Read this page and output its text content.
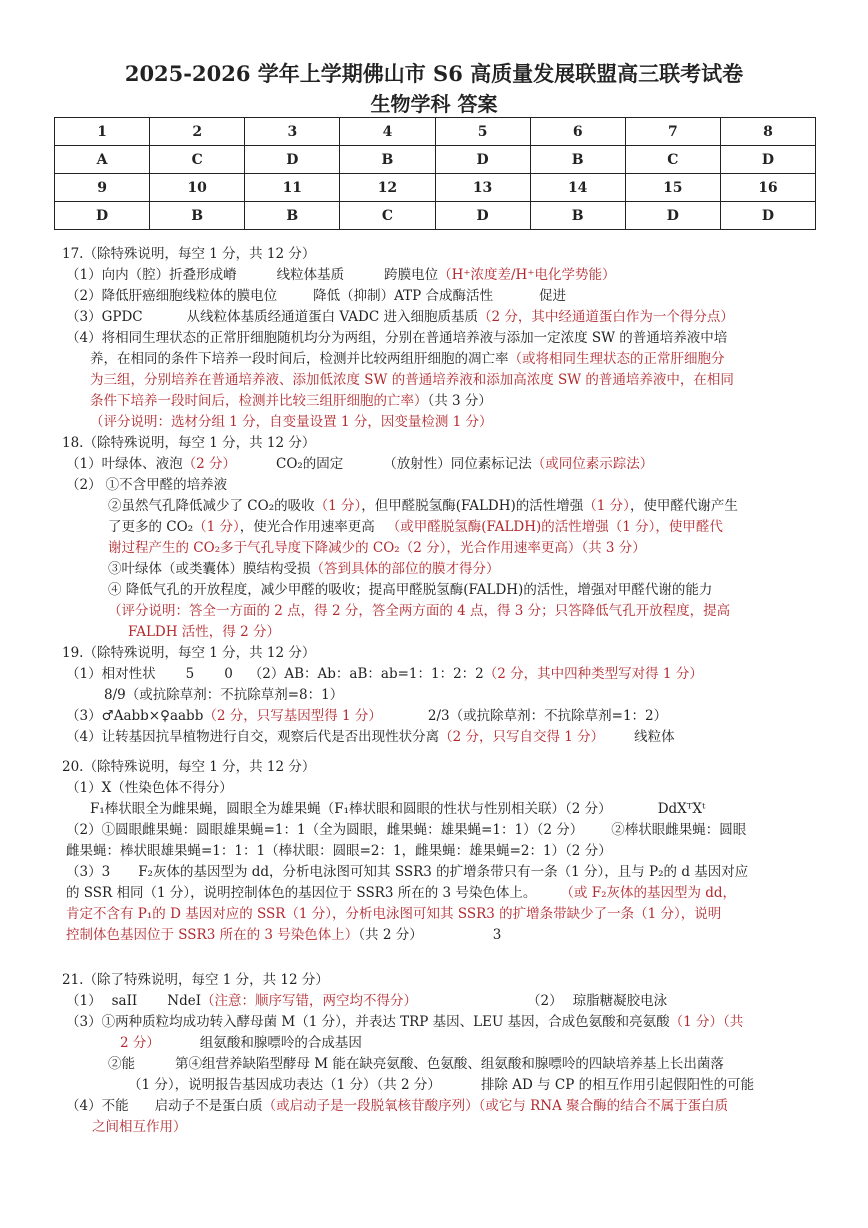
2025-2026 学年上学期佛山市 S6 高质量发展联盟高三联考试卷
生物学科 答案
1	2	3	4	5	6	7	8
A	C	D	B	D	B	C	D
9	10	11	12	13	14	15	16
D	B	B	C	D	B	D	D
17.（除特殊说明，每空 1 分，共 12 分）
（1）向内（腔）折叠形成嵴	线粒体基质	跨膜电位（H⁺浓度差/H⁺电化学势能）
（2）降低肝癌细胞线粒体的膜电位	降低（抑制）ATP 合成酶活性	促进
（3）GPDC	从线粒体基质经通道蛋白 VADC 进入细胞质基质（2 分，其中经通道蛋白作为一个得分点）
（4）将相同生理状态的正常肝细胞随机均分为两组，分别在普通培养液与添加一定浓度 SW 的普通培养液中培
养，在相同的条件下培养一段时间后，检测并比较两组肝细胞的凋亡率（或将相同生理状态的正常肝细胞分
为三组，分别培养在普通培养液、添加低浓度 SW 的普通培养液和添加高浓度 SW 的普通培养液中，在相同
条件下培养一段时间后，检测并比较三组肝细胞的亡率）（共 3 分）
（评分说明：选材分组 1 分，自变量设置 1 分，因变量检测 1 分）
18.（除特殊说明，每空 1 分，共 12 分）
（1）叶绿体、液泡（2 分）	CO₂的固定	（放射性）同位素标记法（或同位素示踪法）
（2） ①不含甲醛的培养液
②虽然气孔降低减少了 CO₂的吸收（1 分），但甲醛脱氢酶(FALDH)的活性增强（1 分），使甲醛代谢产生
了更多的 CO₂（1 分），使光合作用速率更高 （或甲醛脱氢酶(FALDH)的活性增强（1 分），使甲醛代
谢过程产生的 CO₂多于气孔导度下降减少的 CO₂（2 分），光合作用速率更高）（共 3 分）
③叶绿体（或类囊体）膜结构受损（答到具体的部位的膜才得分）
④ 降低气孔的开放程度，减少甲醛的吸收；提高甲醛脱氢酶(FALDH)的活性，增强对甲醛代谢的能力
（评分说明：答全一方面的 2 点，得 2 分，答全两方面的 4 点，得 3 分；只答降低气孔开放程度，提高
FALDH 活性，得 2 分）
19.（除特殊说明，每空 1 分，共 12 分）
（1）相对性状 5 0 （2）AB：Ab：aB：ab=1：1：2：2（2 分，其中四种类型写对得 1 分）
8/9（或抗除草剂：不抗除草剂=8：1）
（3）♂Aabb×♀aabb（2 分，只写基因型得 1 分）	2/3（或抗除草剂：不抗除草剂=1：2）
（4）让转基因抗旱植物进行自交，观察后代是否出现性状分离（2 分，只写自交得 1 分） 线粒体
20.（除特殊说明，每空 1 分，共 12 分）
（1）X（性染色体不得分）
F₁棒状眼全为雌果蝇，圆眼全为雄果蝇（F₁棒状眼和圆眼的性状与性别相关联）（2 分）	DdXᵀXᵗ
（2）①圆眼雌果蝇：圆眼雄果蝇=1：1（全为圆眼，雌果蝇：雄果蝇=1：1）（2 分） ②棒状眼雌果蝇：圆眼
雌果蝇：棒状眼雄果蝇=1：1：1（棒状眼：圆眼=2：1，雌果蝇：雄果蝇=2：1）（2 分）
（3）3 F₂灰体的基因型为 dd，分析电泳图可知其 SSR3 的扩增条带只有一条（1 分），且与 P₂的 d 基因对应
的 SSR 相同（1 分），说明控制体色的基因位于 SSR3 所在的 3 号染色体上。 （或 F₂灰体的基因型为 dd，
肯定不含有 P₁的 D 基因对应的 SSR（1 分），分析电泳图可知其 SSR3 的扩增条带缺少了一条（1 分），说明
控制体色基因位于 SSR3 所在的 3 号染色体上）（共 2 分）	3
21.（除了特殊说明，每空 1 分，共 12 分）
（1） saII NdeI（注意：顺序写错，两空均不得分）	（2） 琼脂糖凝胶电泳
（3）①两种质粒均成功转入酵母菌 M（1 分），并表达 TRP 基因、LEU 基因，合成色氨酸和亮氨酸（1 分）（共
2 分）	组氨酸和腺嘌呤的合成基因
②能	第④组营养缺陷型酵母 M 能在缺亮氨酸、色氨酸、组氨酸和腺嘌呤的四缺培养基上长出菌落
（1 分），说明报告基因成功表达（1 分）（共 2 分）	排除 AD 与 CP 的相互作用引起假阳性的可能
（4）不能 启动子不是蛋白质（或启动子是一段脱氧核苷酸序列）（或它与 RNA 聚合酶的结合不属于蛋白质
之间相互作用）
